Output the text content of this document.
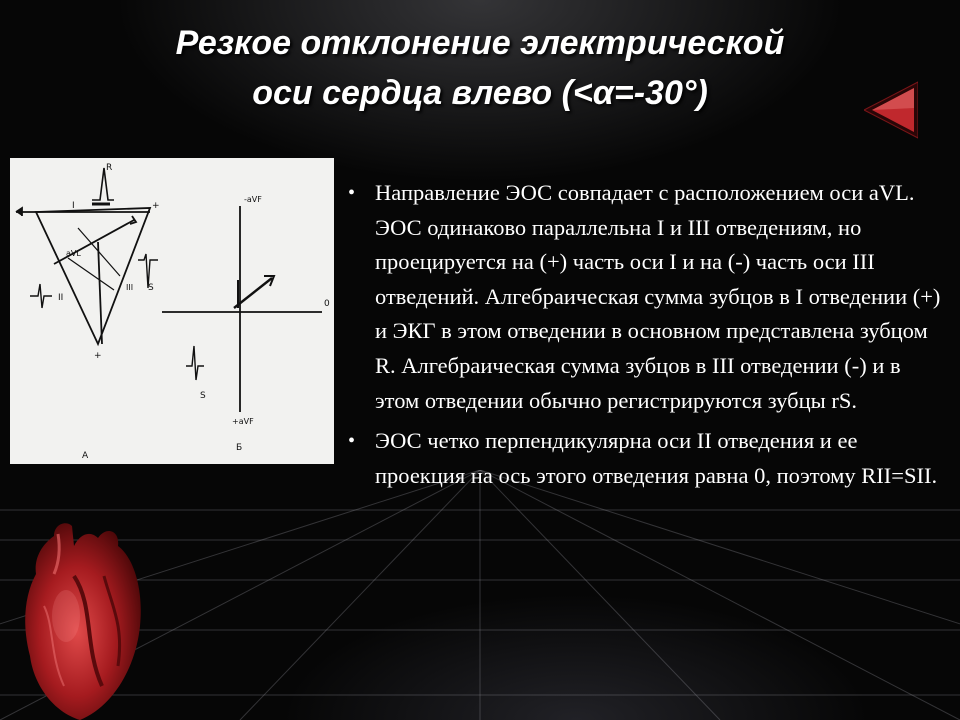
Резкое отклонение электрической
оси сердца влево (<α=-30°)
R
I	+
aVL
II
III S
+
-aVF
+aVF
0
S
А
Б
• Направление ЭОС совпадает с расположением оси aVL. ЭОС одинаково параллельна I и III отведениям, но проецируется на (+) часть оси I и на (-) часть оси III отведений. Алгебраическая сумма зубцов в I отведении (+) и ЭКГ в этом отведении в основном представлена зубцом R. Алгебраическая сумма зубцов в III отведении (-) и в этом отведении обычно регистрируются зубцы rS.
• ЭОС четко перпендикулярна оси II отведения и ее проекция на ось этого отведения равна 0, поэтому RII=SII.
